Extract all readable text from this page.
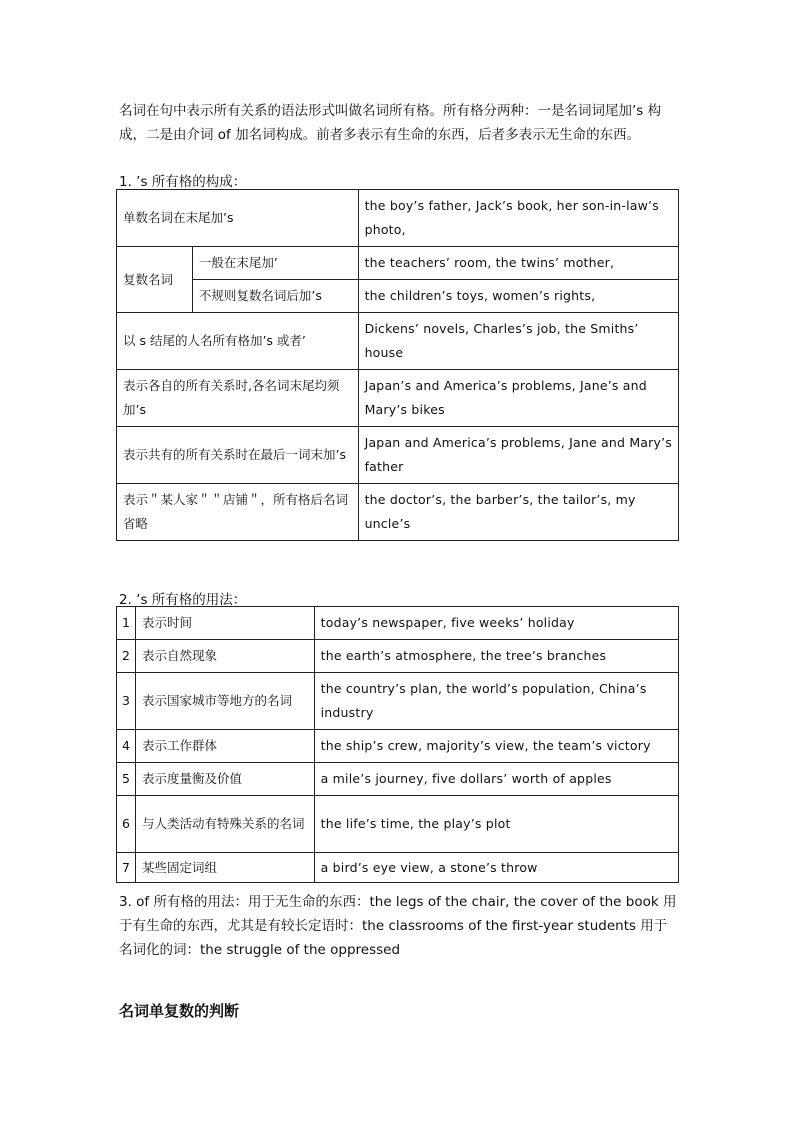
名词在句中表示所有关系的语法形式叫做名词所有格。所有格分两种：一是名词词尾加’s 构成，二是由介词 of 加名词构成。前者多表示有生命的东西，后者多表示无生命的东西。

1. ’s 所有格的构成：
单数名词在末尾加’s		the boy’s father, Jack’s book, her son-in-law’s photo,
复数名词	一般在末尾加’	the teachers’ room, the twins’ mother,
	不规则复数名词后加’s	the children’s toys, women’s rights,
以 s 结尾的人名所有格加’s 或者’		Dickens’ novels, Charles’s job, the Smiths’ house
表示各自的所有关系时,各名词末尾均须加’s		Japan’s and America’s problems, Jane’s and Mary’s bikes
表示共有的所有关系时在最后一词末加’s		Japan and America’s problems, Jane and Mary’s father
表示＂某人家＂＂店铺＂，所有格后名词省略		the doctor’s, the barber’s, the tailor’s, my uncle’s
2. ’s 所有格的用法：
1	表示时间	today’s newspaper, five weeks’ holiday
2	表示自然现象	the earth’s atmosphere, the tree’s branches
3	表示国家城市等地方的名词	the country’s plan, the world’s population, China’s industry
4	表示工作群体	the ship’s crew, majority’s view, the team’s victory
5	表示度量衡及价值	a mile’s journey, five dollars’ worth of apples
6	与人类活动有特殊关系的名词	the life’s time, the play’s plot
7	某些固定词组	a bird’s eye view, a stone’s throw

3. of 所有格的用法：用于无生命的东西：the legs of the chair, the cover of the book 用于有生命的东西，尤其是有较长定语时：the classrooms of the first-year students 用于名词化的词：the struggle of the oppressed

名词单复数的判断
